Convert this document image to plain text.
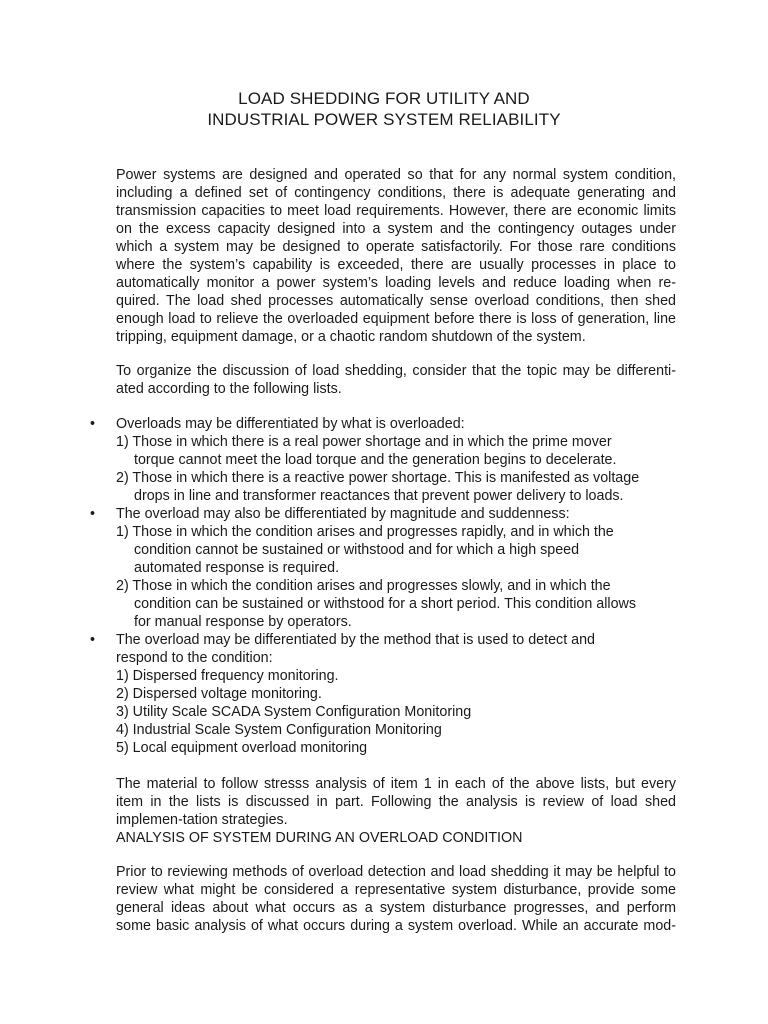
LOAD SHEDDING FOR UTILITY AND
INDUSTRIAL POWER SYSTEM RELIABILITY
Power systems are designed and operated so that for any normal system condition,
including a defined set of contingency conditions, there is adequate generating and
transmission capacities to meet load requirements. However, there are economic limits
on the excess capacity designed into a system and the contingency outages under
which a system may be designed to operate satisfactorily. For those rare conditions
where the system’s capability is exceeded, there are usually processes in place to
automatically monitor a power system’s loading levels and reduce loading when re-
quired. The load shed processes automatically sense overload conditions, then shed
enough load to relieve the overloaded equipment before there is loss of generation, line
tripping, equipment damage, or a chaotic random shutdown of the system.
To organize the discussion of load shedding, consider that the topic may be differenti-
ated according to the following lists.
• Overloads may be differentiated by what is overloaded:
1) Those in which there is a real power shortage and in which the prime mover
torque cannot meet the load torque and the generation begins to decelerate.
2) Those in which there is a reactive power shortage. This is manifested as voltage
drops in line and transformer reactances that prevent power delivery to loads.
• The overload may also be differentiated by magnitude and suddenness:
1) Those in which the condition arises and progresses rapidly, and in which the
condition cannot be sustained or withstood and for which a high speed
automated response is required.
2) Those in which the condition arises and progresses slowly, and in which the
condition can be sustained or withstood for a short period. This condition allows
for manual response by operators.
• The overload may be differentiated by the method that is used to detect and
respond to the condition:
1) Dispersed frequency monitoring.
2) Dispersed voltage monitoring.
3) Utility Scale SCADA System Configuration Monitoring
4) Industrial Scale System Configuration Monitoring
5) Local equipment overload monitoring
The material to follow stresss analysis of item 1 in each of the above lists, but every
item in the lists is discussed in part. Following the analysis is review of load shed
implemen-tation strategies.
ANALYSIS OF SYSTEM DURING AN OVERLOAD CONDITION
Prior to reviewing methods of overload detection and load shedding it may be helpful to
review what might be considered a representative system disturbance, provide some
general ideas about what occurs as a system disturbance progresses, and perform
some basic analysis of what occurs during a system overload. While an accurate mod-
